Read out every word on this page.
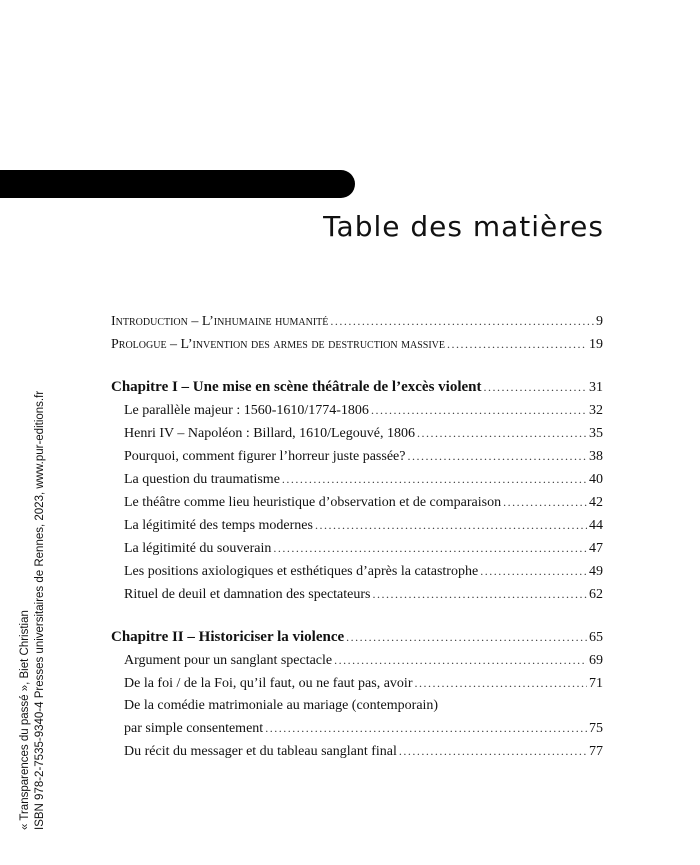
Table des matières
« Transparences du passé », Biet Christian ISBN 978-2-7535-9340-4 Presses universitaires de Rennes, 2023, www.pur-editions.fr
Introduction – L’inhumaine humanité .....	9
Prologue – L’invention des armes de destruction massive .....	19
Chapitre I – Une mise en scène théâtrale de l’excès violent .....	31
Le parallèle majeur : 1560-1610/1774-1806 .....	32
Henri IV – Napoléon : Billard, 1610/Legouvé, 1806 .....	35
Pourquoi, comment figurer l’horreur juste passée? .....	38
La question du traumatisme .....	40
Le théâtre comme lieu heuristique d’observation et de comparaison .....	42
La légitimité des temps modernes .....	44
La légitimité du souverain .....	47
Les positions axiologiques et esthétiques d’après la catastrophe .....	49
Rituel de deuil et damnation des spectateurs .....	62
Chapitre II – Historiciser la violence .....	65
Argument pour un sanglant spectacle .....	69
De la foi / de la Foi, qu’il faut, ou ne faut pas, avoir .....	71
De la comédie matrimoniale au mariage (contemporain)
par simple consentement .....	75
Du récit du messager et du tableau sanglant final .....	77
